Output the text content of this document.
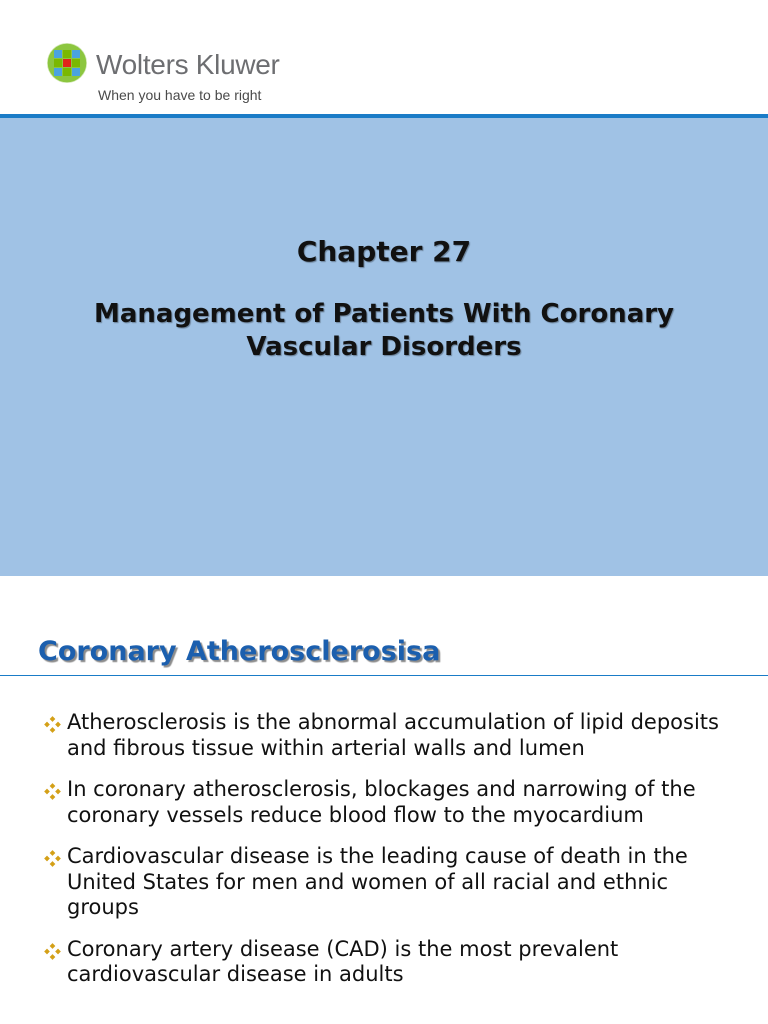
Wolters Kluwer
When you have to be right
Chapter 27
Management of Patients With Coronary Vascular Disorders
Coronary Atherosclerosisa
Atherosclerosis is the abnormal accumulation of lipid deposits and fibrous tissue within arterial walls and lumen
In coronary atherosclerosis, blockages and narrowing of the coronary vessels reduce blood flow to the myocardium
Cardiovascular disease is the leading cause of death in the United States for men and women of all racial and ethnic groups
Coronary artery disease (CAD) is the most prevalent cardiovascular disease in adults
